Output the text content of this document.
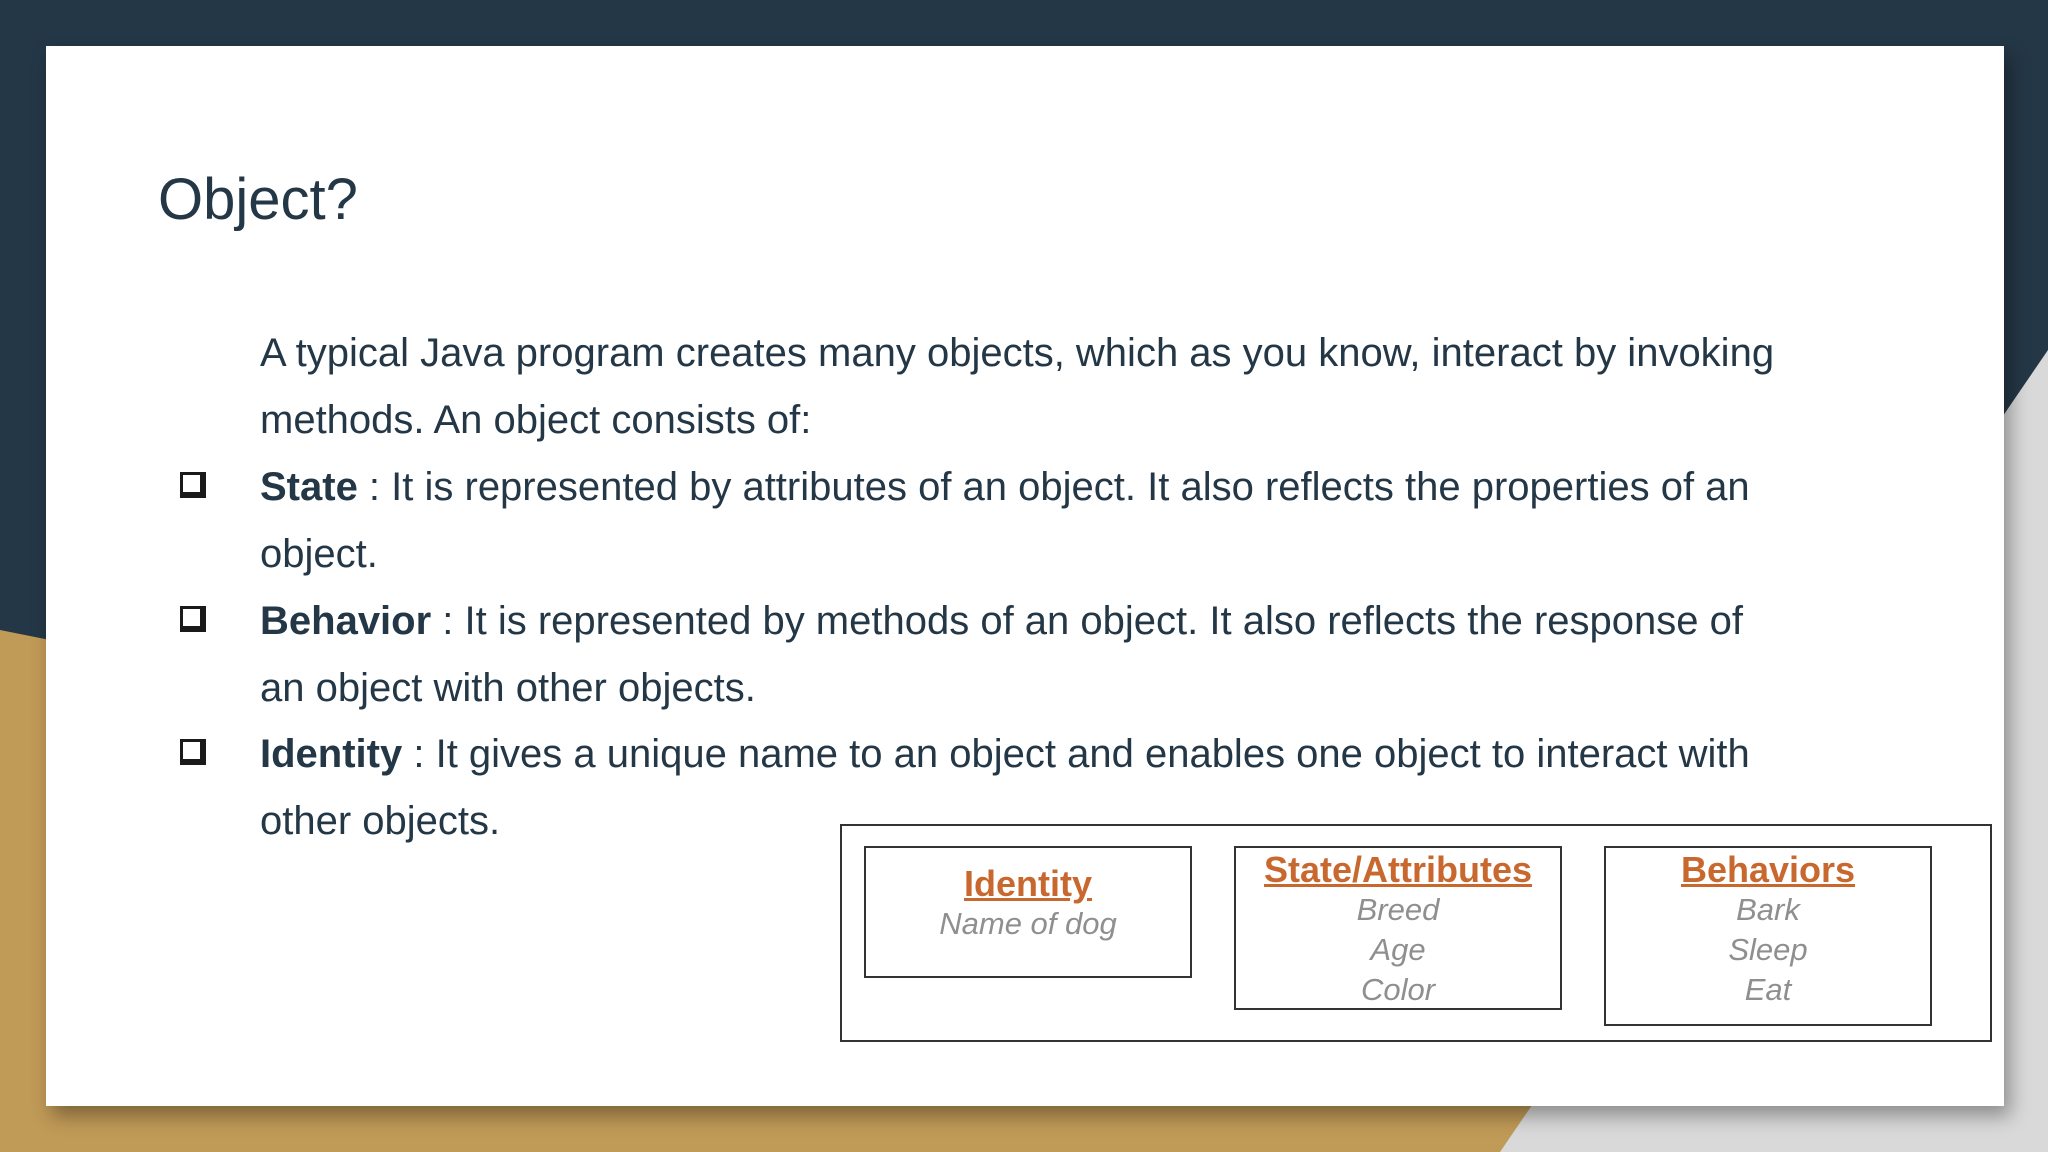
Object?
A typical Java program creates many objects, which as you know, interact by invoking methods. An object consists of:
State : It is represented by attributes of an object. It also reflects the properties of an object.
Behavior : It is represented by methods of an object. It also reflects the response of an object with other objects.
Identity : It gives a unique name to an object and enables one object to interact with other objects.
Identity
Name of dog
State/Attributes
Breed
Age
Color
Behaviors
Bark
Sleep
Eat
